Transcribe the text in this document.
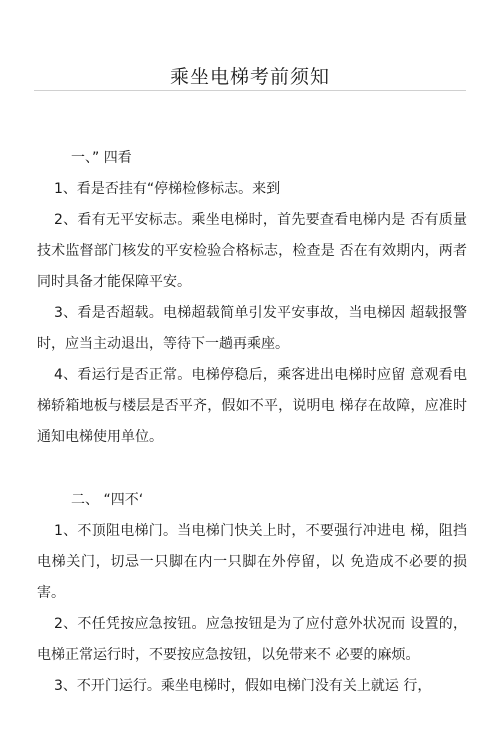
乘坐电梯考前须知

一、” 四看

1、看是否挂有“停梯检修标志。来到

2、看有无平安标志。乘坐电梯时，首先要查看电梯内是 否有质量技术监督部门核发的平安检验合格标志，检查是 否在有效期内，两者同时具备才能保障平安。

3、看是否超载。电梯超载简单引发平安事故，当电梯因 超载报警时，应当主动退出，等待下一趟再乘座。

4、看运行是否正常。电梯停稳后，乘客进出电梯时应留 意观看电梯轿箱地板与楼层是否平齐，假如不平，说明电 梯存在故障，应准时通知电梯使用单位。

二、 “四不‘

1、不顶阻电梯门。当电梯门快关上时，不要强行冲进电 梯，阻挡电梯关门，切忌一只脚在内一只脚在外停留，以 免造成不必要的损害。

2、不任凭按应急按钮。应急按钮是为了应付意外状况而 设置的，电梯正常运行时，不要按应急按钮，以免带来不 必要的麻烦。

3、不开门运行。乘坐电梯时，假如电梯门没有关上就运 行，
